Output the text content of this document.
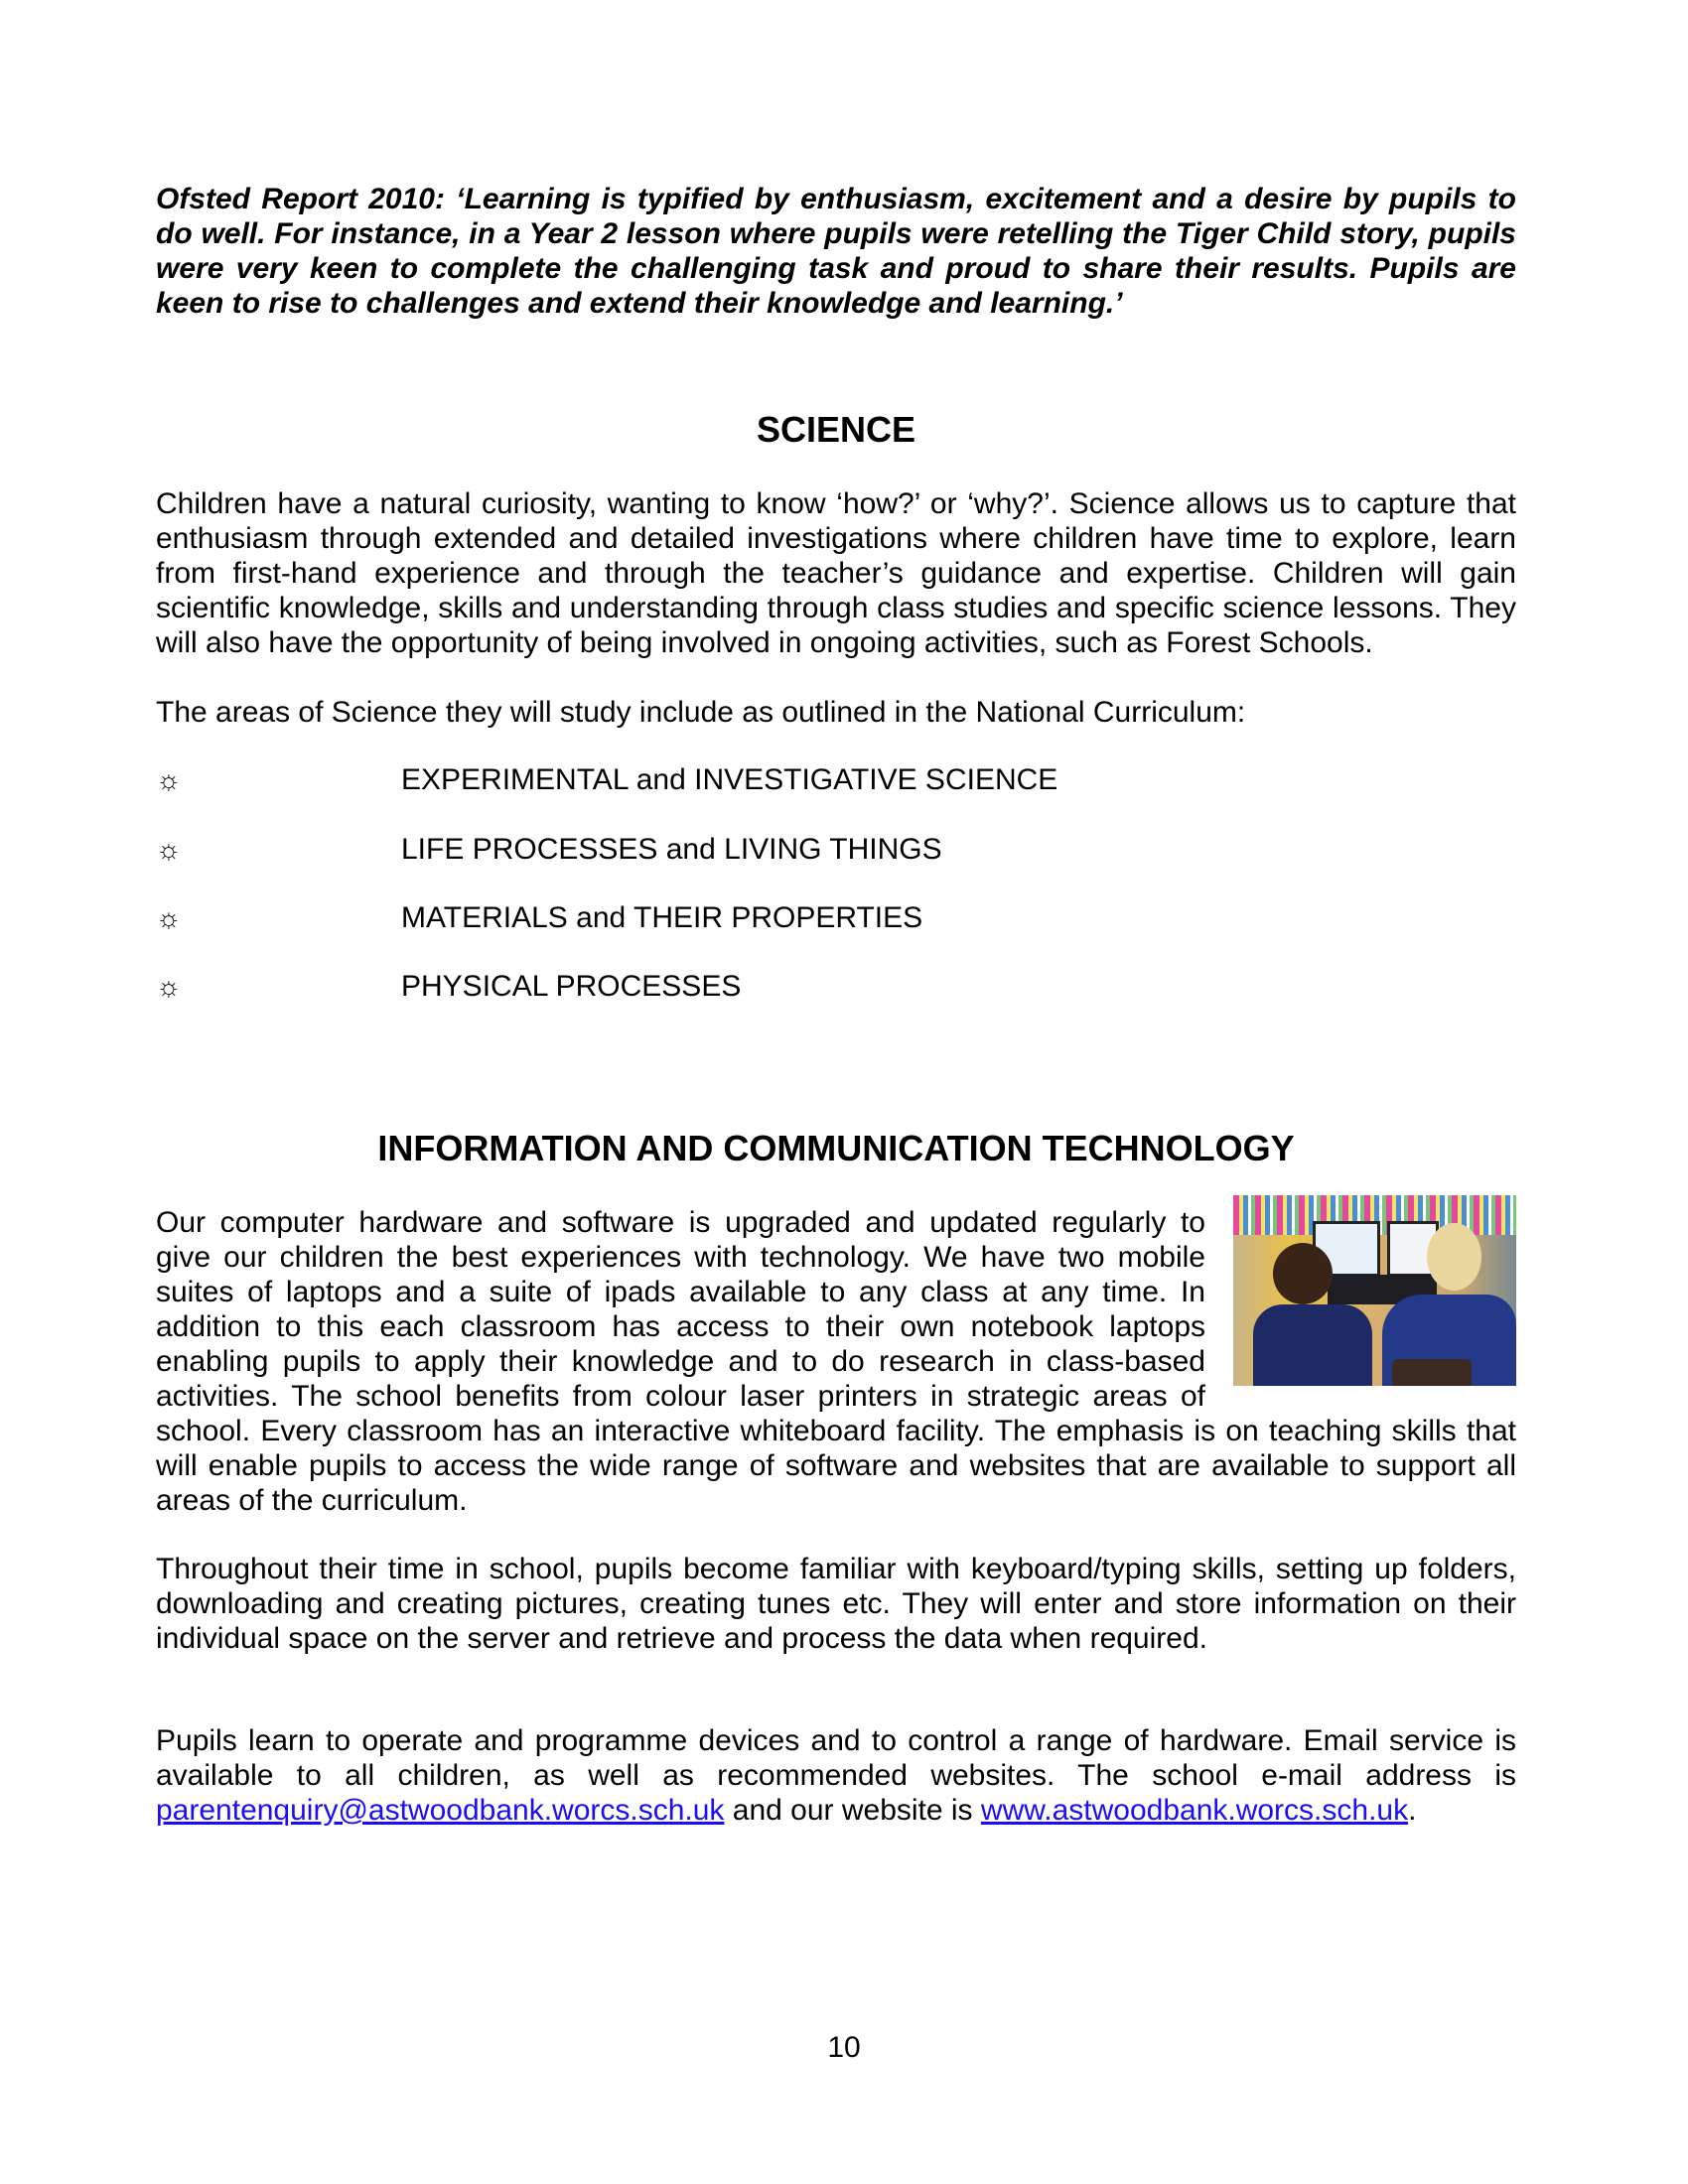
Ofsted Report 2010: ‘Learning is typified by enthusiasm, excitement and a desire by pupils to do well. For instance, in a Year 2 lesson where pupils were retelling the Tiger Child story, pupils were very keen to complete the challenging task and proud to share their results. Pupils are keen to rise to challenges and extend their knowledge and learning.’

SCIENCE

Children have a natural curiosity, wanting to know ‘how?’ or ‘why?’. Science allows us to capture that enthusiasm through extended and detailed investigations where children have time to explore, learn from first-hand experience and through the teacher’s guidance and expertise. Children will gain scientific knowledge, skills and understanding through class studies and specific science lessons. They will also have the opportunity of being involved in ongoing activities, such as Forest Schools.

The areas of Science they will study include as outlined in the National Curriculum:

☼	EXPERIMENTAL and INVESTIGATIVE SCIENCE
☼	LIFE PROCESSES and LIVING THINGS
☼	MATERIALS and THEIR PROPERTIES
☼	PHYSICAL PROCESSES
INFORMATION AND COMMUNICATION TECHNOLOGY
Our computer hardware and software is upgraded and updated regularly to give our children the best experiences with technology. We have two mobile suites of laptops and a suite of ipads available to any class at any time. In addition to this each classroom has access to their own notebook laptops enabling pupils to apply their knowledge and to do research in class-based activities. The school benefits from colour laser printers in strategic areas of school. Every classroom has an interactive whiteboard facility. The emphasis is on teaching skills that will enable pupils to access the wide range of software and websites that are available to support all areas of the curriculum.

Throughout their time in school, pupils become familiar with keyboard/typing skills, setting up folders, downloading and creating pictures, creating tunes etc. They will enter and store information on their individual space on the server and retrieve and process the data when required.

Pupils learn to operate and programme devices and to control a range of hardware. Email service is available to all children, as well as recommended websites. The school e-mail address is parentenquiry@astwoodbank.worcs.sch.uk and our website is www.astwoodbank.worcs.sch.uk.

10
